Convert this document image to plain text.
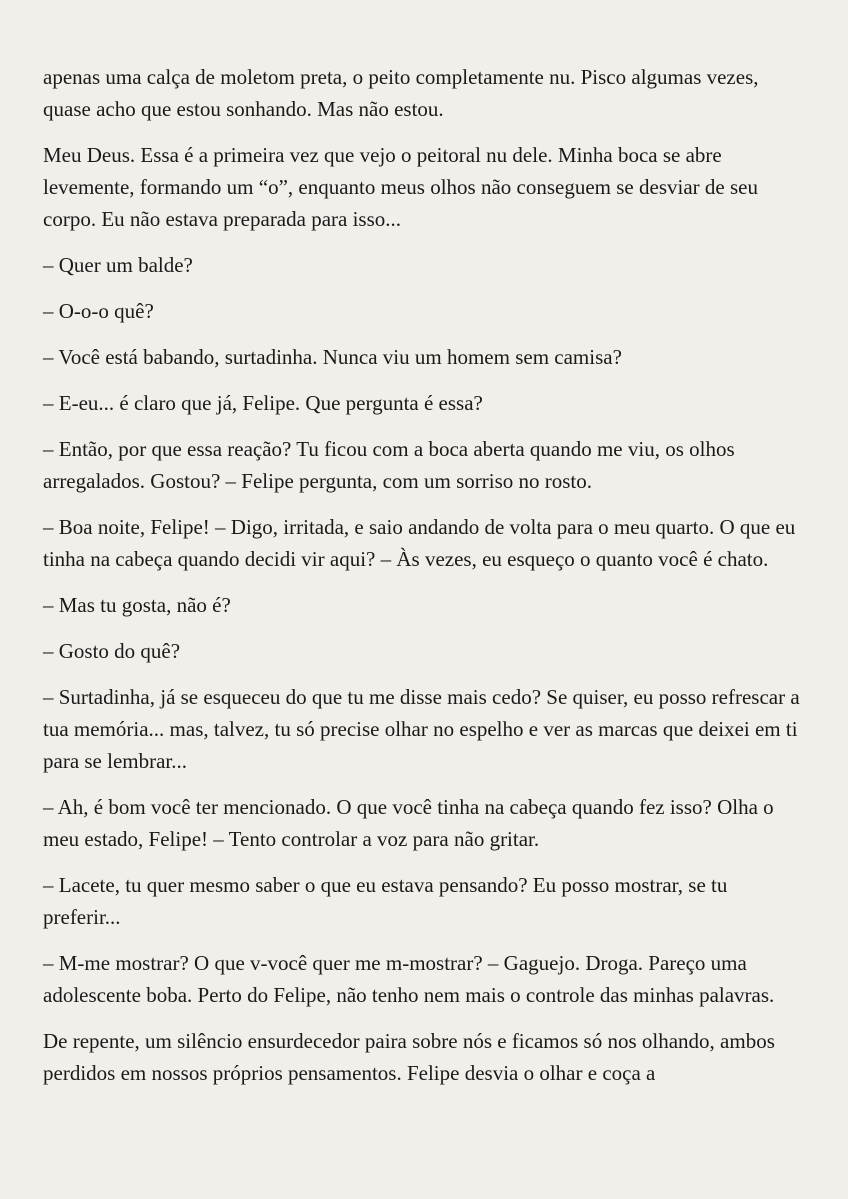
apenas uma calça de moletom preta, o peito completamente nu. Pisco algumas vezes, quase acho que estou sonhando. Mas não estou.

Meu Deus. Essa é a primeira vez que vejo o peitoral nu dele. Minha boca se abre levemente, formando um “o”, enquanto meus olhos não conseguem se desviar de seu corpo. Eu não estava preparada para isso...

– Quer um balde?

– O-o-o quê?

– Você está babando, surtadinha. Nunca viu um homem sem camisa?

– E-eu... é claro que já, Felipe. Que pergunta é essa?

– Então, por que essa reação? Tu ficou com a boca aberta quando me viu, os olhos arregalados. Gostou? – Felipe pergunta, com um sorriso no rosto.

– Boa noite, Felipe! – Digo, irritada, e saio andando de volta para o meu quarto. O que eu tinha na cabeça quando decidi vir aqui? – Às vezes, eu esqueço o quanto você é chato.

– Mas tu gosta, não é?

– Gosto do quê?

– Surtadinha, já se esqueceu do que tu me disse mais cedo? Se quiser, eu posso refrescar a tua memória... mas, talvez, tu só precise olhar no espelho e ver as marcas que deixei em ti para se lembrar...

– Ah, é bom você ter mencionado. O que você tinha na cabeça quando fez isso? Olha o meu estado, Felipe! – Tento controlar a voz para não gritar.

– Lacete, tu quer mesmo saber o que eu estava pensando? Eu posso mostrar, se tu preferir...

– M-me mostrar? O que v-você quer me m-mostrar? – Gaguejo. Droga. Pareço uma adolescente boba. Perto do Felipe, não tenho nem mais o controle das minhas palavras.

De repente, um silêncio ensurdecedor paira sobre nós e ficamos só nos olhando, ambos perdidos em nossos próprios pensamentos. Felipe desvia o olhar e coça a
